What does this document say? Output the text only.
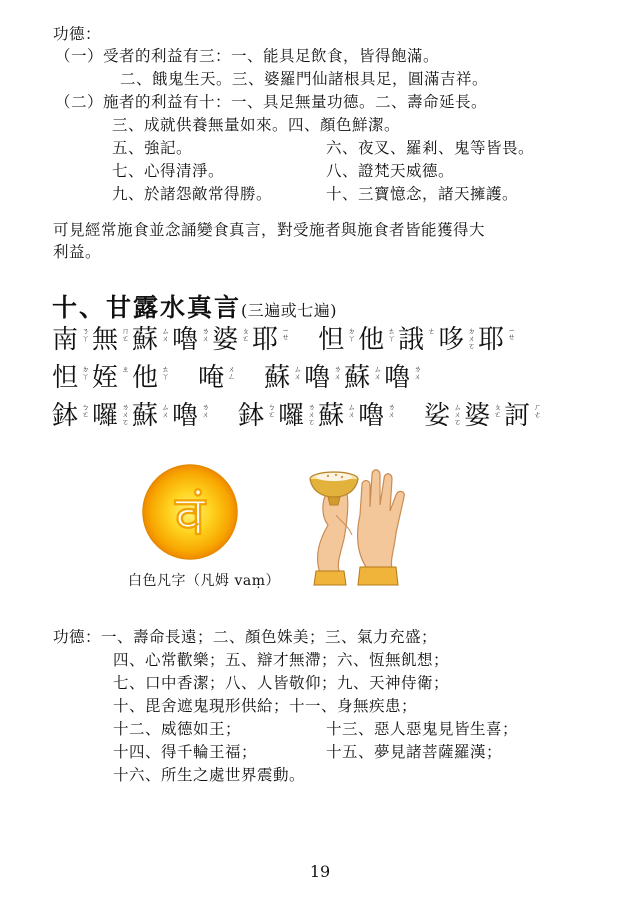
功德：
（一）受者的利益有三：一、能具足飲食，皆得飽滿。
二、餓鬼生天。三、婆羅門仙諸根具足，圓滿吉祥。
（二）施者的利益有十：一、具足無量功德。二、壽命延長。
三、成就供養無量如來。四、顏色鮮潔。
五、強記。	六、夜叉、羅剎、鬼等皆畏。
七、心得清淨。	八、證梵天威德。
九、於諸怨敵常得勝。	十、三寶憶念，諸天擁護。
可見經常施食並念誦變食真言，對受施者與施食者皆能獲得大
利益。
十、甘露水真言(三遍或七遍)
南 ㄋㄚ 無 ㄇㄛ 蘇 ㄙㄨ 嚕 ㄌㄨ 婆 ㄆㄛ 耶 ㄧㄝ 怛 ㄉㄚ 他 ㄊㄚ 誐 ㄜ 哆 ㄉㄨㄛ 耶 ㄧㄝ
怛 ㄉㄚ 姪 ㄓ 他 ㄊㄚ 唵 ㄨㄥ 蘇 ㄙㄨ 嚕 ㄌㄨ 蘇 ㄙㄨ 嚕 ㄌㄨ
鉢 ㄅㄛ 囉 ㄌㄨㄛ 蘇 ㄙㄨ 嚕 ㄌㄨ 鉢 ㄅㄛ 囉 ㄌㄨㄛ 蘇 ㄙㄨ 嚕 ㄌㄨ 娑 ㄙㄨㄛ 婆 ㄆㄛ 訶 ㄏㄜ
वं
白色凡字（凡姆 vaṃ）
功德：一、壽命長遠；二、顏色姝美；三、氣力充盛；
四、心常歡樂；五、辯才無滯；六、恆無飢想；
七、口中香潔；八、人皆敬仰；九、天神侍衛；
十、毘舍遮鬼現形供給；十一、身無疾患；
十二、威德如王；	十三、惡人惡鬼見皆生喜；
十四、得千輪王福；	十五、夢見諸菩薩羅漢；
十六、所生之處世界震動。
19
